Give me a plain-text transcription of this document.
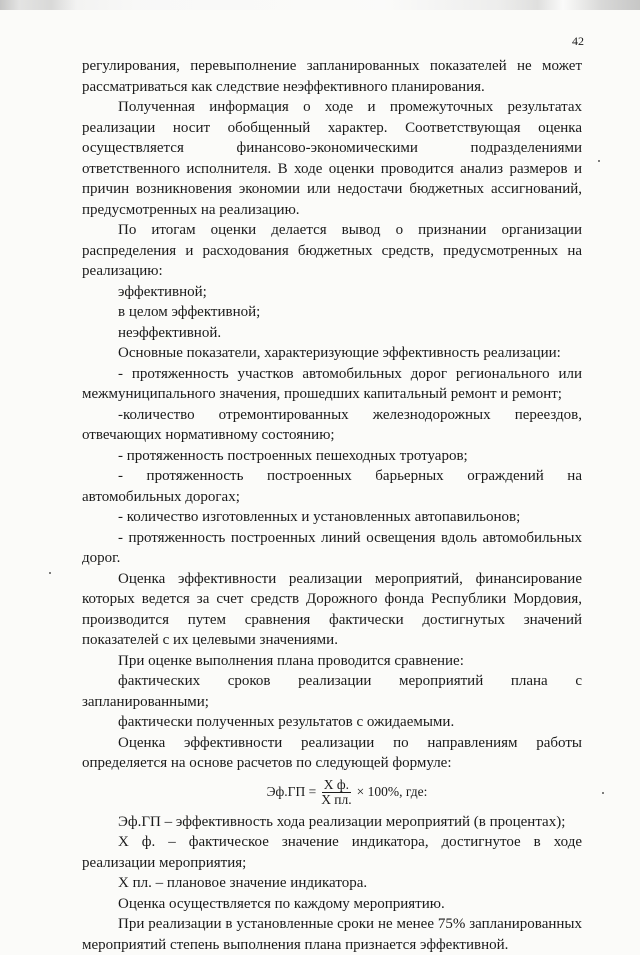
42

регулирования, перевыполнение запланированных показателей не может рассматриваться как следствие неэффективного планирования.

Полученная информация о ходе и промежуточных результатах реализации носит обобщенный характер. Соответствующая оценка осуществляется финансово-экономическими подразделениями ответственного исполнителя. В ходе оценки проводится анализ размеров и причин возникновения экономии или недостачи бюджетных ассигнований, предусмотренных на реализацию.

По итогам оценки делается вывод о признании организации распределения и расходования бюджетных средств, предусмотренных на реализацию:

эффективной;

в целом эффективной;

неэффективной.

Основные показатели, характеризующие эффективность реализации:

- протяженность участков автомобильных дорог регионального или межмуниципального значения, прошедших капитальный ремонт и ремонт;

-количество отремонтированных железнодорожных переездов, отвечающих нормативному состоянию;

- протяженность построенных пешеходных тротуаров;

- протяженность построенных барьерных ограждений на автомобильных дорогах;

- количество изготовленных и установленных автопавильонов;

- протяженность построенных линий освещения вдоль автомобильных дорог.

Оценка эффективности реализации мероприятий, финансирование которых ведется за счет средств Дорожного фонда Республики Мордовия, производится путем сравнения фактически достигнутых значений показателей с их целевыми значениями.

При оценке выполнения плана проводится сравнение:

фактических сроков реализации мероприятий плана с запланированными;

фактически полученных результатов с ожидаемыми.

Оценка эффективности реализации по направлениям работы определяется на основе расчетов по следующей формуле:

$Эф.ГП = \frac{\text{Х ф.}}{\text{Х пл.}} \times 100\%$, где:

Эф.ГП – эффективность хода реализации мероприятий (в процентах);

Х ф. – фактическое значение индикатора, достигнутое в ходе реализации мероприятия;

Х пл. – плановое значение индикатора.

Оценка осуществляется по каждому мероприятию.

При реализации в установленные сроки не менее 75% запланированных мероприятий степень выполнения плана признается эффективной.
